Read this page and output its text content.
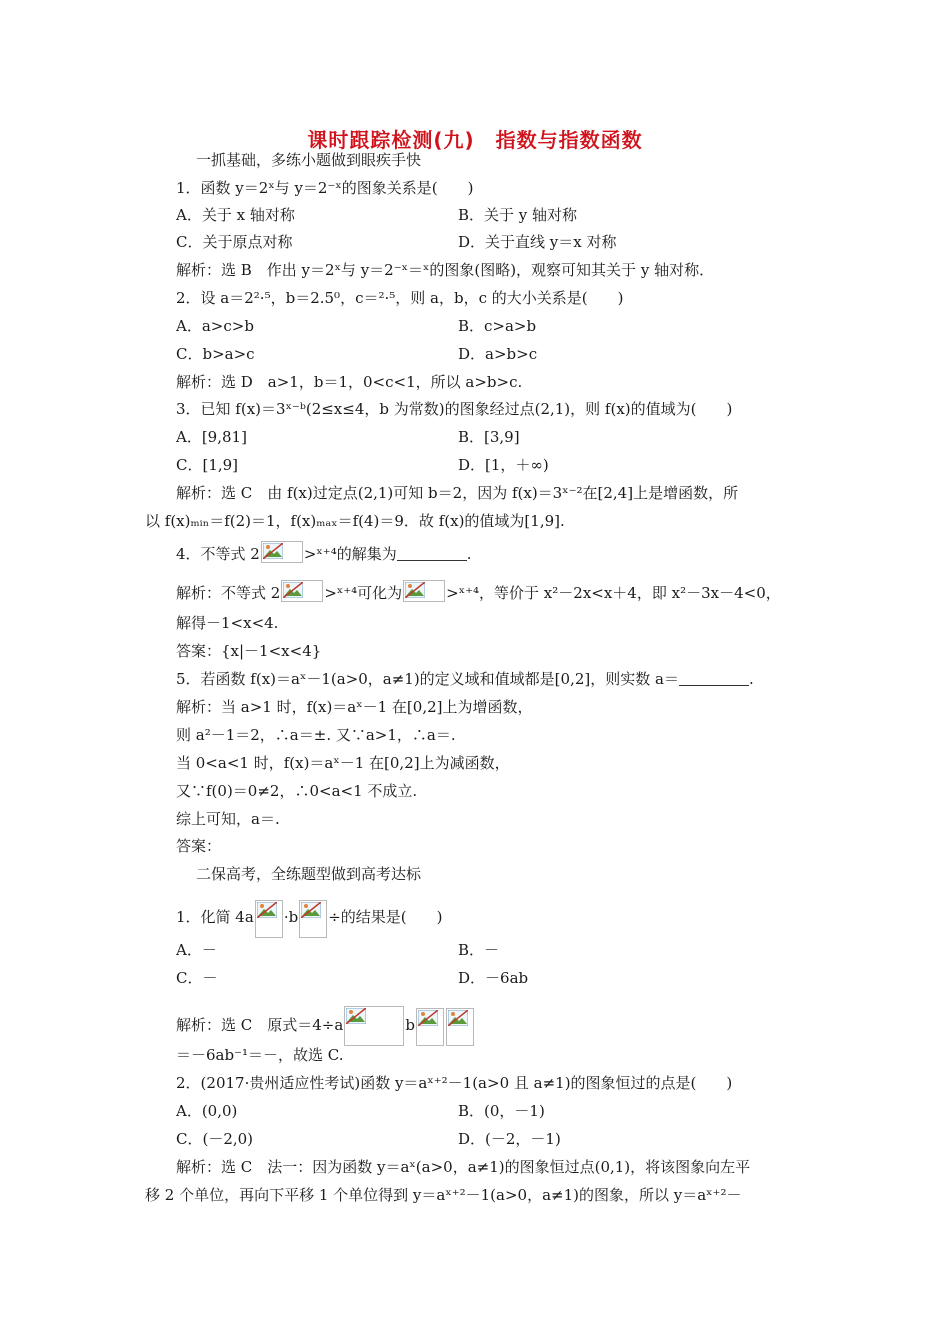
课时跟踪检测(九)　指数与指数函数
一抓基础，多练小题做到眼疾手快
1．函数 y＝2ˣ与 y＝2⁻ˣ的图象关系是(　　)
A．关于 x 轴对称	B．关于 y 轴对称
C．关于原点对称	D．关于直线 y＝x 对称
解析：选 B　作出 y＝2ˣ与 y＝2⁻ˣ＝ˣ的图象(图略)，观察可知其关于 y 轴对称．
2．设 a＝2²·⁵，b＝2.5⁰，c＝²·⁵，则 a，b，c 的大小关系是(　　)
A．a>c>b	B．c>a>b
C．b>a>c	D．a>b>c
解析：选 D　a>1，b＝1，0<c<1，所以 a>b>c.
3．已知 f(x)＝3ˣ⁻ᵇ(2≤x≤4，b 为常数)的图象经过点(2,1)，则 f(x)的值域为(　　)
A．[9,81]	B．[3,9]
C．[1,9]	D．[1，＋∞)
解析：选 C　由 f(x)过定点(2,1)可知 b＝2，因为 f(x)＝3ˣ⁻²在[2,4]上是增函数，所
以 f(x)ₘᵢₙ＝f(2)＝1，f(x)ₘₐₓ＝f(4)＝9．故 f(x)的值域为[1,9].
4．不等式 2	>ˣ⁺⁴的解集为	.
解析：不等式 2	>ˣ⁺⁴可化为	>ˣ⁺⁴，等价于 x²－2x<x＋4，即 x²－3x－4<0，
解得－1<x<4.
答案：{x|－1<x<4}
5．若函数 f(x)＝aˣ－1(a>0，a≠1)的定义域和值域都是[0,2]，则实数 a＝	.
解析：当 a>1 时，f(x)＝aˣ－1 在[0,2]上为增函数，
则 a²－1＝2，∴a＝±. 又∵a>1，∴a＝.
当 0<a<1 时，f(x)＝aˣ－1 在[0,2]上为减函数，
又∵f(0)＝0≠2，∴0<a<1 不成立.
综上可知，a＝.
答案：
二保高考，全练题型做到高考达标
1．化简 4a ·b ÷的结果是(　　)
A．－	B．－
C．－	D．－6ab
解析：选 C　原式＝4÷a	b
＝－6ab⁻¹＝－，故选 C.
2．(2017·贵州适应性考试)函数 y＝aˣ⁺²－1(a>0 且 a≠1)的图象恒过的点是(　　)
A．(0,0)	B．(0，－1)
C．(－2,0)	D．(－2，－1)
解析：选 C　法一：因为函数 y＝aˣ(a>0，a≠1)的图象恒过点(0,1)，将该图象向左平
移 2 个单位，再向下平移 1 个单位得到 y＝aˣ⁺²－1(a>0，a≠1)的图象，所以 y＝aˣ⁺²－
